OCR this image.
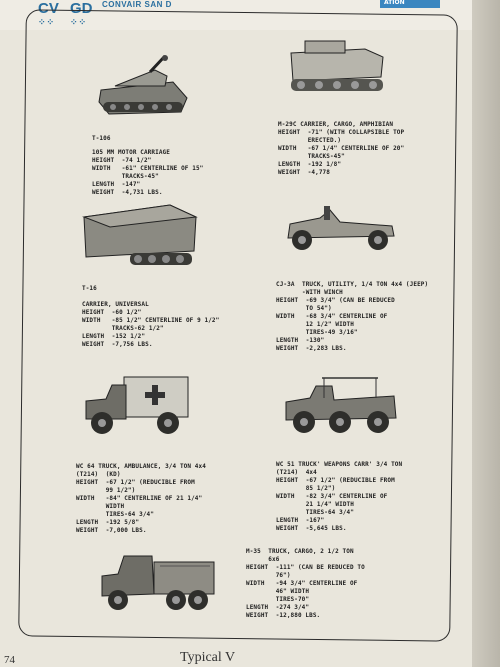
CV
⁘⁘
GD
⁘⁘
CONVAIR SAN D	ATION
T-106
105 MM MOTOR CARRIAGE
HEIGHT  -74 1/2"
WIDTH   -61" CENTERLINE OF 15"
TRACKS-45"
LENGTH  -147"
WEIGHT  -4,731 LBS.
M-29C CARRIER, CARGO, AMPHIBIAN
HEIGHT  -71" (WITH COLLAPSIBLE TOP
ERECTED.)
WIDTH   -67 1/4" CENTERLINE OF 20"
TRACKS-45"
LENGTH  -192 1/8"
WEIGHT  -4,778
T-16
CARRIER, UNIVERSAL
HEIGHT  -60 1/2"
WIDTH   -85 1/2" CENTERLINE OF 9 1/2"
TRACKS-62 1/2"
LENGTH  -152 1/2"
WEIGHT  -7,756 LBS.
CJ-3A  TRUCK, UTILITY, 1/4 TON 4x4 (JEEP)
-WITH WINCH
HEIGHT  -69 3/4" (CAN BE REDUCED
TO 54")
WIDTH   -68 3/4" CENTERLINE OF
12 1/2" WIDTH
TIRES-49 3/16"
LENGTH  -130"
WEIGHT  -2,283 LBS.
WC 64 TRUCK, AMBULANCE, 3/4 TON 4x4
(T214)  (KD)
HEIGHT  -67 1/2" (REDUCIBLE FROM
99 1/2")
WIDTH   -84" CENTERLINE OF 21 1/4"
WIDTH
TIRES-64 3/4"
LENGTH  -192 5/8"
WEIGHT  -7,000 LBS.
WC 51 TRUCK' WEAPONS CARR' 3/4 TON
(T214)  4x4
HEIGHT  -67 1/2" (REDUCIBLE FROM
85 1/2")
WIDTH   -82 3/4" CENTERLINE OF
21 1/4" WIDTH
TIRES-64 3/4"
LENGTH  -167"
WEIGHT  -5,645 LBS.
M-35  TRUCK, CARGO, 2 1/2 TON
6x6
HEIGHT  -111" (CAN BE REDUCED TO
76")
WIDTH   -94 3/4" CENTERLINE OF
46" WIDTH
TIRES-70"
LENGTH  -274 3/4"
WEIGHT  -12,880 LBS.
74	Typical V
